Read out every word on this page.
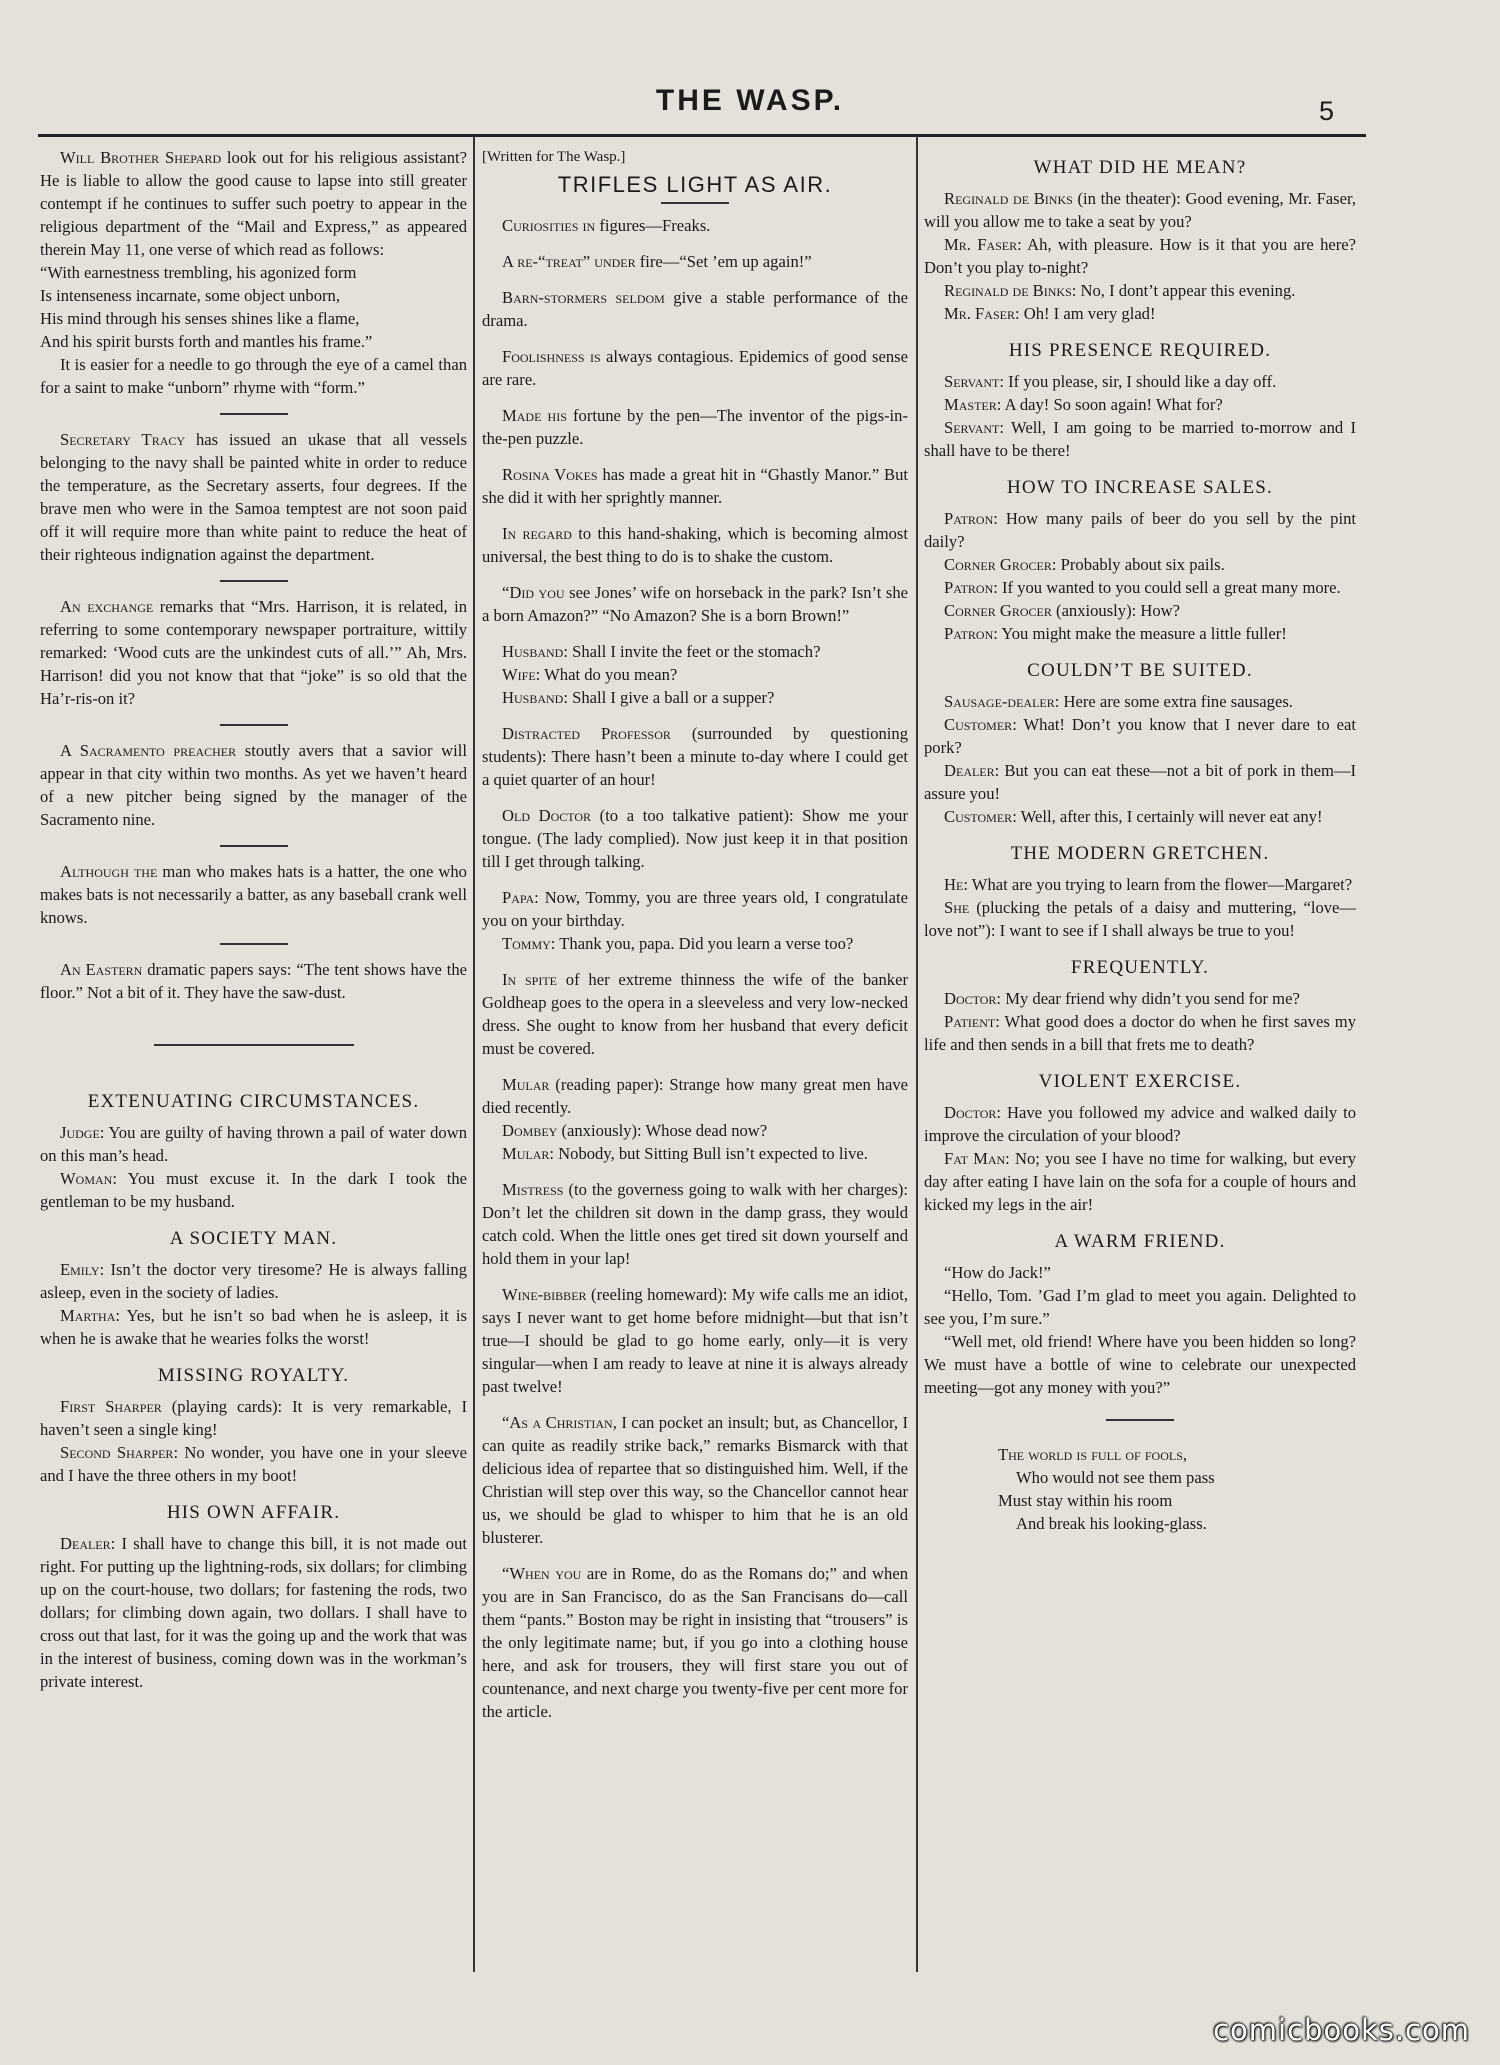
THE WASP.	5

Will Brother Shepard look out for his religious assistant? He is liable to allow the good cause to lapse into still greater contempt if he continues to suffer such poetry to appear in the religious department of the “Mail and Express,” as appeared therein May 11, one verse of which read as follows:

“With earnestness trembling, his agonized form
Is intenseness incarnate, some object unborn,
His mind through his senses shines like a flame,
And his spirit bursts forth and mantles his frame.”

It is easier for a needle to go through the eye of a camel than for a saint to make “unborn” rhyme with “form.”

Secretary Tracy has issued an ukase that all vessels belonging to the navy shall be painted white in order to reduce the temperature, as the Secretary asserts, four degrees. If the brave men who were in the Samoa temptest are not soon paid off it will require more than white paint to reduce the heat of their righteous indignation against the department.

An exchange remarks that “Mrs. Harrison, it is related, in referring to some contemporary newspaper portraiture, wittily remarked: ‘Wood cuts are the unkindest cuts of all.’” Ah, Mrs. Harrison! did you not know that that “joke” is so old that the Ha’r-ris-on it?

A Sacramento preacher stoutly avers that a savior will appear in that city within two months. As yet we haven’t heard of a new pitcher being signed by the manager of the Sacramento nine.

Although the man who makes hats is a hatter, the one who makes bats is not necessarily a batter, as any baseball crank well knows.

An Eastern dramatic papers says: “The tent shows have the floor.” Not a bit of it. They have the saw-dust.

EXTENUATING CIRCUMSTANCES.

Judge: You are guilty of having thrown a pail of water down on this man’s head.

Woman: You must excuse it. In the dark I took the gentleman to be my husband.

A SOCIETY MAN.

Emily: Isn’t the doctor very tiresome? He is always falling asleep, even in the society of ladies.

Martha: Yes, but he isn’t so bad when he is asleep, it is when he is awake that he wearies folks the worst!

MISSING ROYALTY.

First Sharper (playing cards): It is very remarkable, I haven’t seen a single king!

Second Sharper: No wonder, you have one in your sleeve and I have the three others in my boot!

HIS OWN AFFAIR.

Dealer: I shall have to change this bill, it is not made out right. For putting up the lightning-rods, six dollars; for climbing up on the court-house, two dollars; for fastening the rods, two dollars; for climbing down again, two dollars. I shall have to cross out that last, for it was the going up and the work that was in the interest of business, coming down was in the workman’s private interest.

[Written for The Wasp.]

TRIFLES LIGHT AS AIR.

Curiosities in figures—Freaks.

A re-“treat” under fire—“Set ’em up again!”

Barn-stormers seldom give a stable performance of the drama.

Foolishness is always contagious. Epidemics of good sense are rare.

Made his fortune by the pen—The inventor of the pigs-in-the-pen puzzle.

Rosina Vokes has made a great hit in “Ghastly Manor.” But she did it with her sprightly manner.

In regard to this hand-shaking, which is becoming almost universal, the best thing to do is to shake the custom.

“Did you see Jones’ wife on horseback in the park? Isn’t she a born Amazon?” “No Amazon? She is a born Brown!”

Husband: Shall I invite the feet or the stomach?

Wife: What do you mean?

Husband: Shall I give a ball or a supper?

Distracted Professor (surrounded by questioning students): There hasn’t been a minute to-day where I could get a quiet quarter of an hour!

Old Doctor (to a too talkative patient): Show me your tongue. (The lady complied). Now just keep it in that position till I get through talking.

Papa: Now, Tommy, you are three years old, I congratulate you on your birthday.

Tommy: Thank you, papa. Did you learn a verse too?

In spite of her extreme thinness the wife of the banker Goldheap goes to the opera in a sleeveless and very low-necked dress. She ought to know from her husband that every deficit must be covered.

Mular (reading paper): Strange how many great men have died recently.

Dombey (anxiously): Whose dead now?

Mular: Nobody, but Sitting Bull isn’t expected to live.

Mistress (to the governess going to walk with her charges): Don’t let the children sit down in the damp grass, they would catch cold. When the little ones get tired sit down yourself and hold them in your lap!

Wine-bibber (reeling homeward): My wife calls me an idiot, says I never want to get home before midnight—but that isn’t true—I should be glad to go home early, only—it is very singular—when I am ready to leave at nine it is always already past twelve!

“As a Christian, I can pocket an insult; but, as Chancellor, I can quite as readily strike back,” remarks Bismarck with that delicious idea of repartee that so distinguished him. Well, if the Christian will step over this way, so the Chancellor cannot hear us, we should be glad to whisper to him that he is an old blusterer.

“When you are in Rome, do as the Romans do;” and when you are in San Francisco, do as the San Francisans do—call them “pants.” Boston may be right in insisting that “trousers” is the only legitimate name; but, if you go into a clothing house here, and ask for trousers, they will first stare you out of countenance, and next charge you twenty-five per cent more for the article.

WHAT DID HE MEAN?

Reginald de Binks (in the theater): Good evening, Mr. Faser, will you allow me to take a seat by you?

Mr. Faser: Ah, with pleasure. How is it that you are here? Don’t you play to-night?

Reginald de Binks: No, I dont’t appear this evening.

Mr. Faser: Oh! I am very glad!

HIS PRESENCE REQUIRED.

Servant: If you please, sir, I should like a day off.

Master: A day! So soon again! What for?

Servant: Well, I am going to be married to-morrow and I shall have to be there!

HOW TO INCREASE SALES.

Patron: How many pails of beer do you sell by the pint daily?

Corner Grocer: Probably about six pails.

Patron: If you wanted to you could sell a great many more.

Corner Grocer (anxiously): How?

Patron: You might make the measure a little fuller!

COULDN’T BE SUITED.

Sausage-dealer: Here are some extra fine sausages.

Customer: What! Don’t you know that I never dare to eat pork?

Dealer: But you can eat these—not a bit of pork in them—I assure you!

Customer: Well, after this, I certainly will never eat any!

THE MODERN GRETCHEN.

He: What are you trying to learn from the flower—Margaret?

She (plucking the petals of a daisy and muttering, “love—love not”): I want to see if I shall always be true to you!

FREQUENTLY.

Doctor: My dear friend why didn’t you send for me?

Patient: What good does a doctor do when he first saves my life and then sends in a bill that frets me to death?

VIOLENT EXERCISE.

Doctor: Have you followed my advice and walked daily to improve the circulation of your blood?

Fat Man: No; you see I have no time for walking, but every day after eating I have lain on the sofa for a couple of hours and kicked my legs in the air!

A WARM FRIEND.

“How do Jack!”

“Hello, Tom. ’Gad I’m glad to meet you again. Delighted to see you, I’m sure.”

“Well met, old friend! Where have you been hidden so long? We must have a bottle of wine to celebrate our unexpected meeting—got any money with you?”

The world is full of fools,
Who would not see them pass
Must stay within his room
And break his looking-glass.
comicbooks.com
